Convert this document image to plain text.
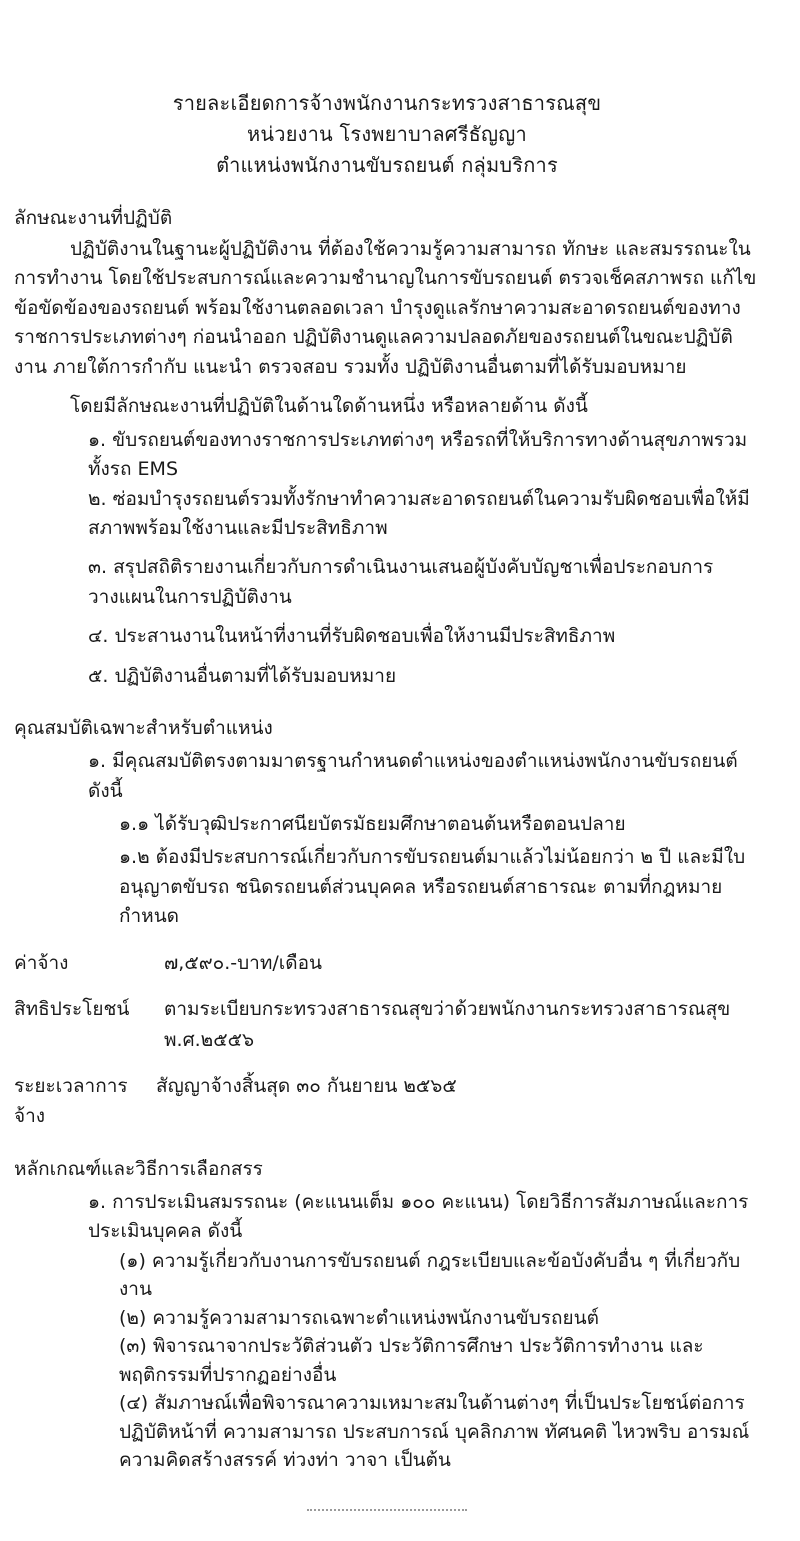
รายละเอียดการจ้างพนักงานกระทรวงสาธารณสุข
หน่วยงาน โรงพยาบาลศรีธัญญา
ตำแหน่งพนักงานขับรถยนต์ กลุ่มบริการ
ลักษณะงานที่ปฏิบัติ

ปฏิบัติงานในฐานะผู้ปฏิบัติงาน ที่ต้องใช้ความรู้ความสามารถ ทักษะ และสมรรถนะในการทำงาน โดยใช้ประสบการณ์และความชำนาญในการขับรถยนต์ ตรวจเช็คสภาพรถ แก้ไขข้อขัดข้องของรถยนต์ พร้อมใช้งานตลอดเวลา บำรุงดูแลรักษาความสะอาดรถยนต์ของทางราชการประเภทต่างๆ ก่อนนำออก ปฏิบัติงานดูแลความปลอดภัยของรถยนต์ในขณะปฏิบัติงาน ภายใต้การกำกับ แนะนำ ตรวจสอบ รวมทั้ง ปฏิบัติงานอื่นตามที่ได้รับมอบหมาย

โดยมีลักษณะงานที่ปฏิบัติในด้านใดด้านหนึ่ง หรือหลายด้าน ดังนี้

๑. ขับรถยนต์ของทางราชการประเภทต่างๆ หรือรถที่ให้บริการทางด้านสุขภาพรวมทั้งรถ EMS

๒. ซ่อมบำรุงรถยนต์รวมทั้งรักษาทำความสะอาดรถยนต์ในความรับผิดชอบเพื่อให้มีสภาพพร้อมใช้งานและมีประสิทธิภาพ

๓. สรุปสถิติรายงานเกี่ยวกับการดำเนินงานเสนอผู้บังคับบัญชาเพื่อประกอบการวางแผนในการปฏิบัติงาน

๔. ประสานงานในหน้าที่งานที่รับผิดชอบเพื่อให้งานมีประสิทธิภาพ

๕. ปฏิบัติงานอื่นตามที่ได้รับมอบหมาย

คุณสมบัติเฉพาะสำหรับตำแหน่ง

๑. มีคุณสมบัติตรงตามมาตรฐานกำหนดตำแหน่งของตำแหน่งพนักงานขับรถยนต์ ดังนี้

๑.๑ ได้รับวุฒิประกาศนียบัตรมัธยมศึกษาตอนต้นหรือตอนปลาย

๑.๒ ต้องมีประสบการณ์เกี่ยวกับการขับรถยนต์มาแล้วไม่น้อยกว่า ๒ ปี และมีใบอนุญาตขับรถ ชนิดรถยนต์ส่วนบุคคล หรือรถยนต์สาธารณะ ตามที่กฎหมายกำหนด

ค่าจ้าง	๗,๕๙๐.-บาท/เดือน
สิทธิประโยชน์	ตามระเบียบกระทรวงสาธารณสุขว่าด้วยพนักงานกระทรวงสาธารณสุข พ.ศ.๒๕๕๖
ระยะเวลาการจ้าง
สัญญาจ้างสิ้นสุด ๓๐ กันยายน ๒๕๖๕
หลักเกณฑ์และวิธีการเลือกสรร

๑. การประเมินสมรรถนะ (คะแนนเต็ม ๑๐๐ คะแนน) โดยวิธีการสัมภาษณ์และการประเมินบุคคล ดังนี้

(๑) ความรู้เกี่ยวกับงานการขับรถยนต์ กฎระเบียบและข้อบังคับอื่น ๆ ที่เกี่ยวกับงาน

(๒) ความรู้ความสามารถเฉพาะตำแหน่งพนักงานขับรถยนต์

(๓) พิจารณาจากประวัติส่วนตัว ประวัติการศึกษา ประวัติการทำงาน และพฤติกรรมที่ปรากฏอย่างอื่น

(๔) สัมภาษณ์เพื่อพิจารณาความเหมาะสมในด้านต่างๆ ที่เป็นประโยชน์ต่อการปฏิบัติหน้าที่ ความสามารถ ประสบการณ์ บุคลิกภาพ ทัศนคติ ไหวพริบ อารมณ์ ความคิดสร้างสรรค์ ท่วงท่า วาจา เป็นต้น
